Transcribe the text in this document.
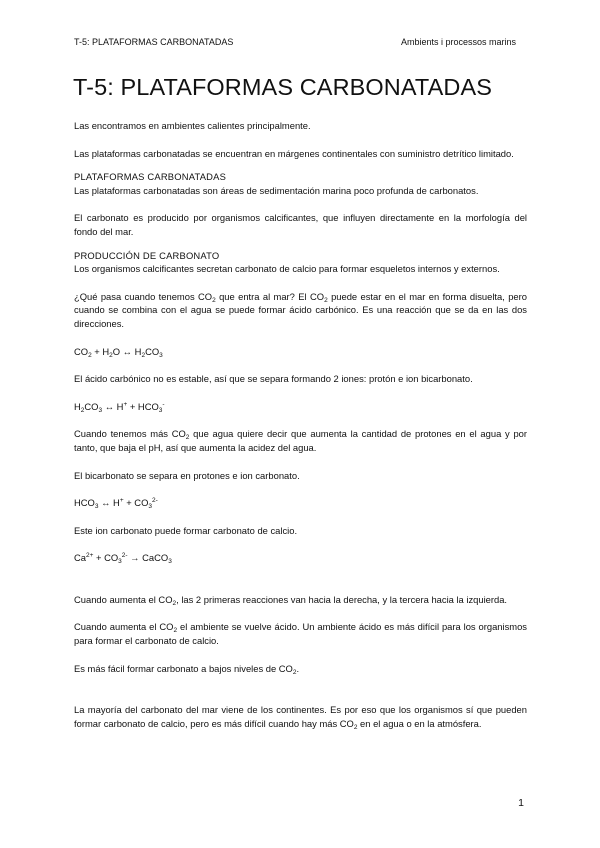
T-5: PLATAFORMAS CARBONATADAS	Ambients i processos marins
T-5: PLATAFORMAS CARBONATADAS

Las encontramos en ambientes calientes principalmente.

Las plataformas carbonatadas se encuentran en márgenes continentales con suministro detrítico limitado.

PLATAFORMAS CARBONATADAS

Las plataformas carbonatadas son áreas de sedimentación marina poco profunda de carbonatos.

El carbonato es producido por organismos calcificantes, que influyen directamente en la morfología del fondo del mar.

PRODUCCIÓN DE CARBONATO

Los organismos calcificantes secretan carbonato de calcio para formar esqueletos internos y externos.

¿Qué pasa cuando tenemos $CO_2$ que entra al mar? El $CO_2$ puede estar en el mar en forma disuelta, pero cuando se combina con el agua se puede formar ácido carbónico. Es una reacción que se da en las dos direcciones.

$CO_2 + H_2O$ ↔ $H_2CO_3$

El ácido carbónico no es estable, así que se separa formando 2 iones: protón e ion bicarbonato.

$H_2CO_3$ ↔ $H^+ + HCO_3^-$

Cuando tenemos más $CO_2$ que agua quiere decir que aumenta la cantidad de protones en el agua y por tanto, que baja el pH, así que aumenta la acidez del agua.

El bicarbonato se separa en protones e ion carbonato.

$HCO_3$ ↔ $H^+ + CO_3^{2-}$

Este ion carbonato puede formar carbonato de calcio.

$Ca^{2+} + CO_3^{2-}$ → CaCO$_3$

Cuando aumenta el $CO_2$, las 2 primeras reacciones van hacia la derecha, y la tercera hacia la izquierda.

Cuando aumenta el $CO_2$ el ambiente se vuelve ácido. Un ambiente ácido es más difícil para los organismos para formar el carbonato de calcio.

Es más fácil formar carbonato a bajos niveles de $CO_2$.

La mayoría del carbonato del mar viene de los continentes. Es por eso que los organismos sí que pueden formar carbonato de calcio, pero es más difícil cuando hay más $CO_2$ en el agua o en la atmósfera.

1
